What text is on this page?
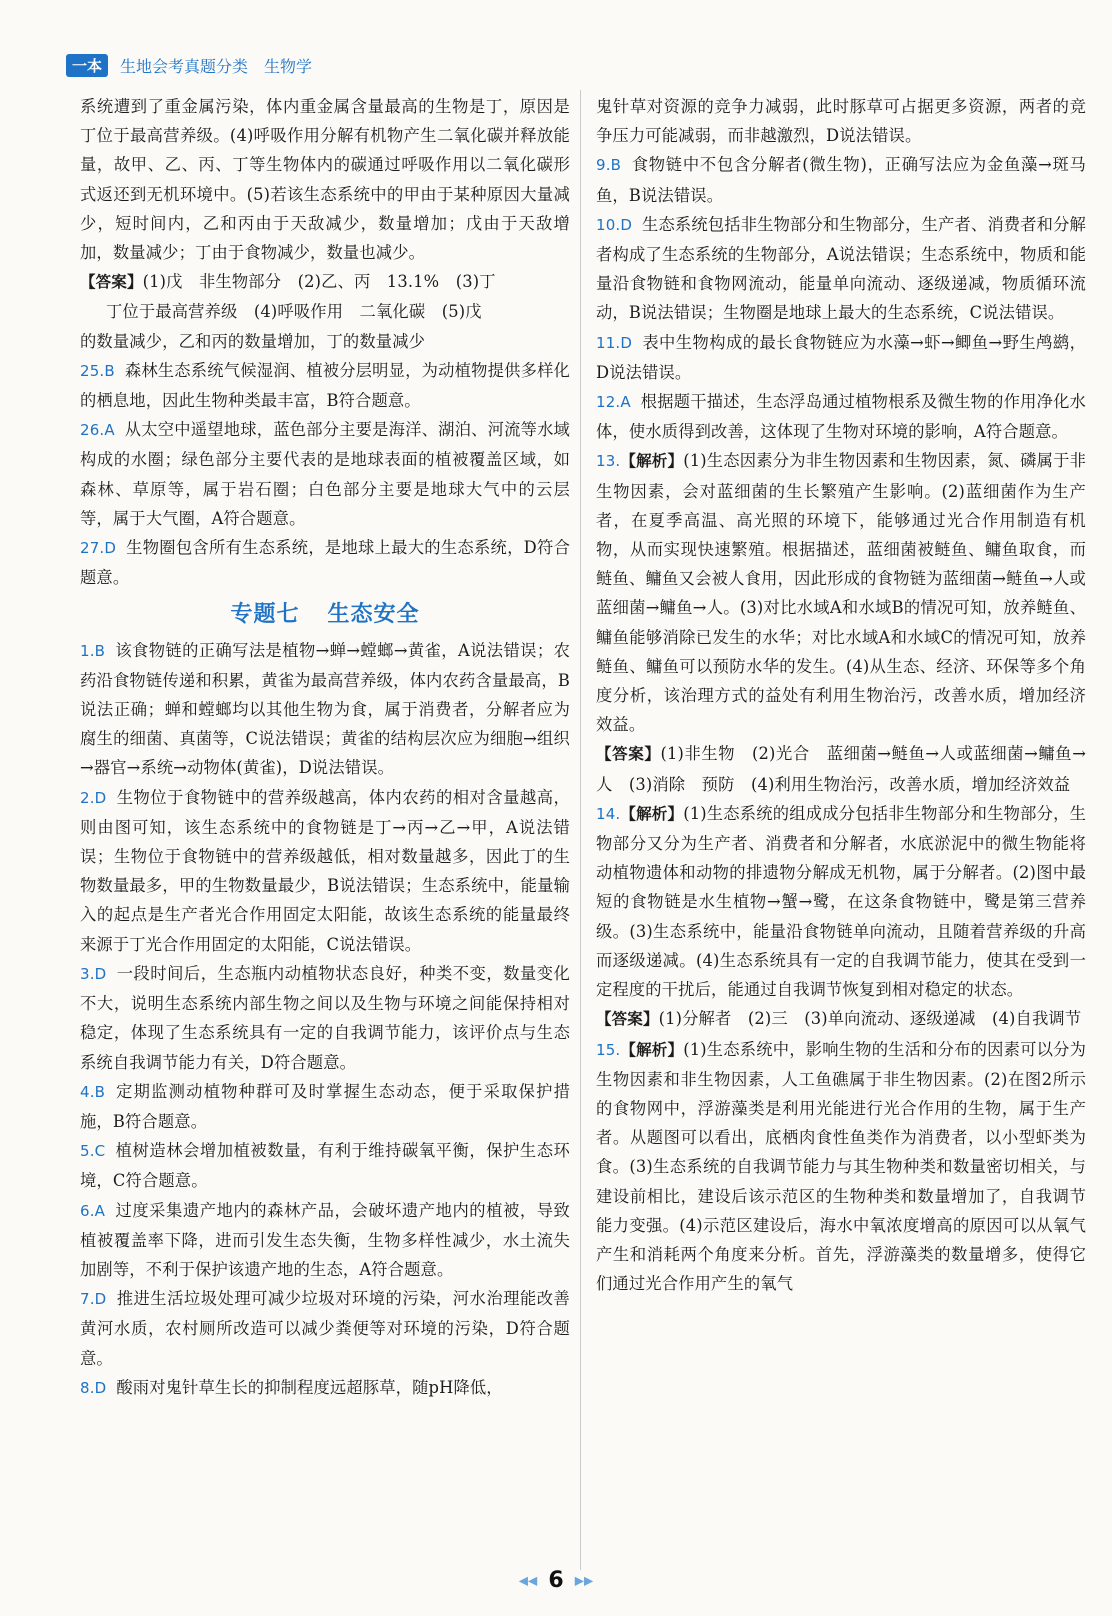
一本	生地会考真题分类 生物学

系统遭到了重金属污染，体内重金属含量最高的生物是丁，原因是丁位于最高营养级。(4)呼吸作用分解有机物产生二氧化碳并释放能量，故甲、乙、丙、丁等生物体内的碳通过呼吸作用以二氧化碳形式返还到无机环境中。(5)若该生态系统中的甲由于某种原因大量减少，短时间内，乙和丙由于天敌减少，数量增加；戊由于天敌增加，数量减少；丁由于食物减少，数量也减少。

【答案】(1)戊　非生物部分　(2)乙、丙　13.1%　(3)丁

丁位于最高营养级　(4)呼吸作用　二氧化碳　(5)戊

的数量减少，乙和丙的数量增加，丁的数量减少

25.B 森林生态系统气候湿润、植被分层明显，为动植物提供多样化的栖息地，因此生物种类最丰富，B符合题意。

26.A 从太空中遥望地球，蓝色部分主要是海洋、湖泊、河流等水域构成的水圈；绿色部分主要代表的是地球表面的植被覆盖区域，如森林、草原等，属于岩石圈；白色部分主要是地球大气中的云层等，属于大气圈，A符合题意。

27.D 生物圈包含所有生态系统，是地球上最大的生态系统，D符合题意。

专题七 生态安全

1.B 该食物链的正确写法是植物→蝉→螳螂→黄雀，A说法错误；农药沿食物链传递和积累，黄雀为最高营养级，体内农药含量最高，B说法正确；蝉和螳螂均以其他生物为食，属于消费者，分解者应为腐生的细菌、真菌等，C说法错误；黄雀的结构层次应为细胞→组织→器官→系统→动物体(黄雀)，D说法错误。

2.D 生物位于食物链中的营养级越高，体内农药的相对含量越高，则由图可知，该生态系统中的食物链是丁→丙→乙→甲，A说法错误；生物位于食物链中的营养级越低，相对数量越多，因此丁的生物数量最多，甲的生物数量最少，B说法错误；生态系统中，能量输入的起点是生产者光合作用固定太阳能，故该生态系统的能量最终来源于丁光合作用固定的太阳能，C说法错误。

3.D 一段时间后，生态瓶内动植物状态良好，种类不变，数量变化不大，说明生态系统内部生物之间以及生物与环境之间能保持相对稳定，体现了生态系统具有一定的自我调节能力，该评价点与生态系统自我调节能力有关，D符合题意。

4.B 定期监测动植物种群可及时掌握生态动态，便于采取保护措施，B符合题意。

5.C 植树造林会增加植被数量，有利于维持碳氧平衡，保护生态环境，C符合题意。

6.A 过度采集遗产地内的森林产品，会破坏遗产地内的植被，导致植被覆盖率下降，进而引发生态失衡，生物多样性减少，水土流失加剧等，不利于保护该遗产地的生态，A符合题意。

7.D 推进生活垃圾处理可减少垃圾对环境的污染，河水治理能改善黄河水质，农村厕所改造可以减少粪便等对环境的污染，D符合题意。

8.D 酸雨对鬼针草生长的抑制程度远超豚草，随pH降低，

鬼针草对资源的竞争力减弱，此时豚草可占据更多资源，两者的竞争压力可能减弱，而非越激烈，D说法错误。

9.B 食物链中不包含分解者(微生物)，正确写法应为金鱼藻→斑马鱼，B说法错误。

10.D 生态系统包括非生物部分和生物部分，生产者、消费者和分解者构成了生态系统的生物部分，A说法错误；生态系统中，物质和能量沿食物链和食物网流动，能量单向流动、逐级递减，物质循环流动，B说法错误；生物圈是地球上最大的生态系统，C说法错误。

11.D 表中生物构成的最长食物链应为水藻→虾→鲫鱼→野生鸬鹚，D说法错误。

12.A 根据题干描述，生态浮岛通过植物根系及微生物的作用净化水体，使水质得到改善，这体现了生物对环境的影响，A符合题意。

13.【解析】(1)生态因素分为非生物因素和生物因素，氮、磷属于非生物因素，会对蓝细菌的生长繁殖产生影响。(2)蓝细菌作为生产者，在夏季高温、高光照的环境下，能够通过光合作用制造有机物，从而实现快速繁殖。根据描述，蓝细菌被鲢鱼、鳙鱼取食，而鲢鱼、鳙鱼又会被人食用，因此形成的食物链为蓝细菌→鲢鱼→人或蓝细菌→鳙鱼→人。(3)对比水域A和水域B的情况可知，放养鲢鱼、鳙鱼能够消除已发生的水华；对比水域A和水域C的情况可知，放养鲢鱼、鳙鱼可以预防水华的发生。(4)从生态、经济、环保等多个角度分析，该治理方式的益处有利用生物治污，改善水质，增加经济效益。

【答案】(1)非生物　(2)光合　蓝细菌→鲢鱼→人或蓝细菌→鳙鱼→人　(3)消除　预防　(4)利用生物治污，改善水质，增加经济效益

14.【解析】(1)生态系统的组成成分包括非生物部分和生物部分，生物部分又分为生产者、消费者和分解者，水底淤泥中的微生物能将动植物遗体和动物的排遗物分解成无机物，属于分解者。(2)图中最短的食物链是水生植物→蟹→鹭，在这条食物链中，鹭是第三营养级。(3)生态系统中，能量沿食物链单向流动，且随着营养级的升高而逐级递减。(4)生态系统具有一定的自我调节能力，使其在受到一定程度的干扰后，能通过自我调节恢复到相对稳定的状态。

【答案】(1)分解者　(2)三　(3)单向流动、逐级递减　(4)自我调节

15.【解析】(1)生态系统中，影响生物的生活和分布的因素可以分为生物因素和非生物因素，人工鱼礁属于非生物因素。(2)在图2所示的食物网中，浮游藻类是利用光能进行光合作用的生物，属于生产者。从题图可以看出，底栖肉食性鱼类作为消费者，以小型虾类为食。(3)生态系统的自我调节能力与其生物种类和数量密切相关，与建设前相比，建设后该示范区的生物种类和数量增加了，自我调节能力变强。(4)示范区建设后，海水中氧浓度增高的原因可以从氧气产生和消耗两个角度来分析。首先，浮游藻类的数量增多，使得它们通过光合作用产生的氧气

◀◀ 6 ▶▶
